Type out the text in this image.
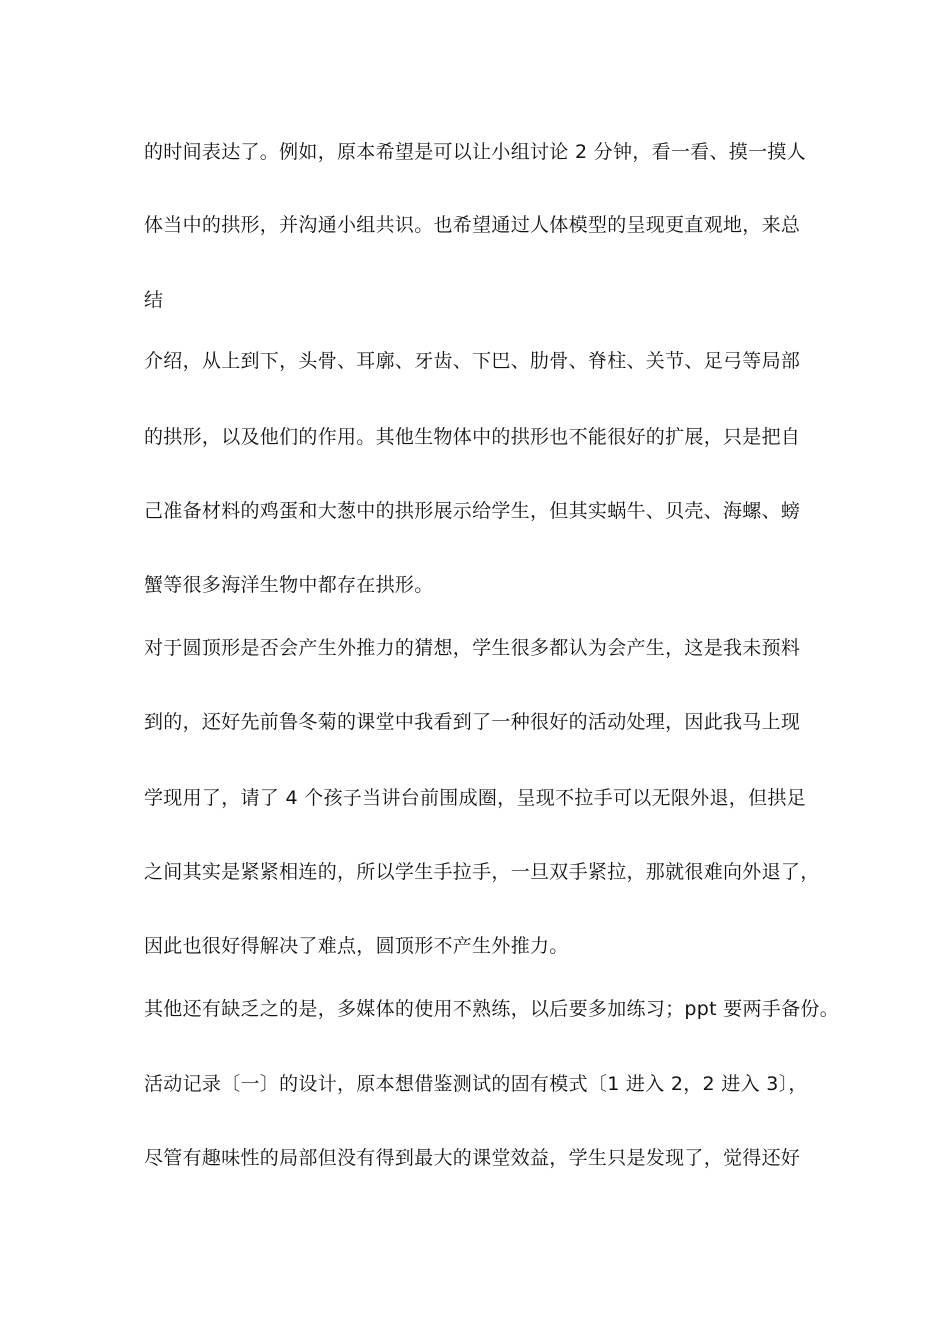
的时间表达了。例如，原本希望是可以让小组讨论 2 分钟，看一看、摸一摸人
体当中的拱形，并沟通小组共识。也希望通过人体模型的呈现更直观地，来总
结
介绍，从上到下，头骨、耳廓、牙齿、下巴、肋骨、脊柱、关节、足弓等局部
的拱形，以及他们的作用。其他生物体中的拱形也不能很好的扩展，只是把自
己准备材料的鸡蛋和大葱中的拱形展示给学生，但其实蜗牛、贝壳、海螺、螃
蟹等很多海洋生物中都存在拱形。
对于圆顶形是否会产生外推力的猜想，学生很多都认为会产生，这是我未预料
到的，还好先前鲁冬菊的课堂中我看到了一种很好的活动处理，因此我马上现
学现用了，请了 4 个孩子当讲台前围成圈，呈现不拉手可以无限外退，但拱足
之间其实是紧紧相连的，所以学生手拉手，一旦双手紧拉，那就很难向外退了，
因此也很好得解决了难点，圆顶形不产生外推力。
其他还有缺乏之的是，多媒体的使用不熟练，以后要多加练习；ppt 要两手备份。
活动记录〔一〕的设计，原本想借鉴测试的固有模式〔1 进入 2，2 进入 3〕，
尽管有趣味性的局部但没有得到最大的课堂效益，学生只是发现了，觉得还好
